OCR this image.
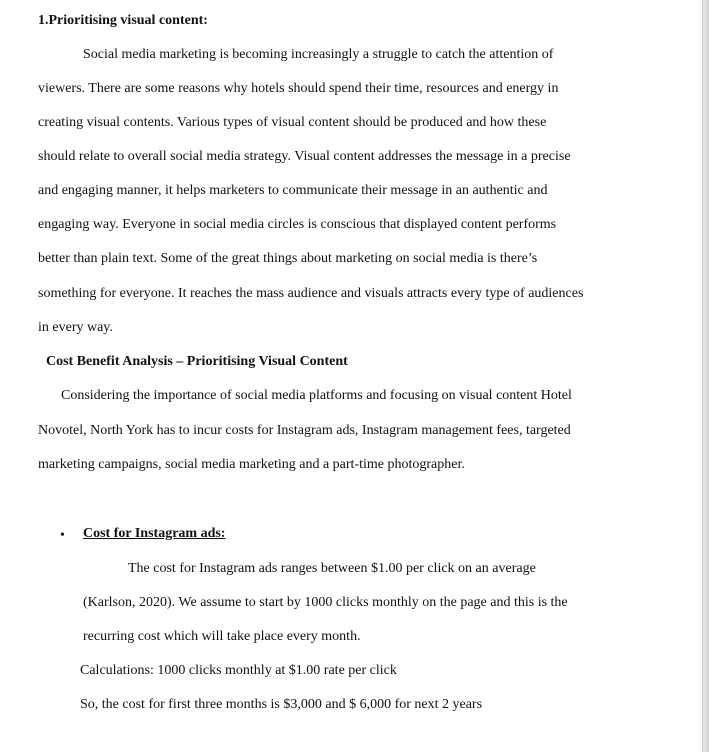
1.Prioritising visual content:
Social media marketing is becoming increasingly a struggle to catch the attention of
viewers. There are some reasons why hotels should spend their time, resources and energy in
creating visual contents. Various types of visual content should be produced and how these
should relate to overall social media strategy. Visual content addresses the message in a precise
and engaging manner, it helps marketers to communicate their message in an authentic and
engaging way. Everyone in social media circles is conscious that displayed content performs
better than plain text. Some of the great things about marketing on social media is there’s
something for everyone. It reaches the mass audience and visuals attracts every type of audiences
in every way.
Cost Benefit Analysis – Prioritising Visual Content
Considering the importance of social media platforms and focusing on visual content Hotel
Novotel, North York has to incur costs for Instagram ads, Instagram management fees, targeted
marketing campaigns, social media marketing and a part-time photographer.
• Cost for Instagram ads:
The cost for Instagram ads ranges between $1.00 per click on an average
(Karlson, 2020). We assume to start by 1000 clicks monthly on the page and this is the
recurring cost which will take place every month.
Calculations: 1000 clicks monthly at $1.00 rate per click
So, the cost for first three months is $3,000 and $ 6,000 for next 2 years
